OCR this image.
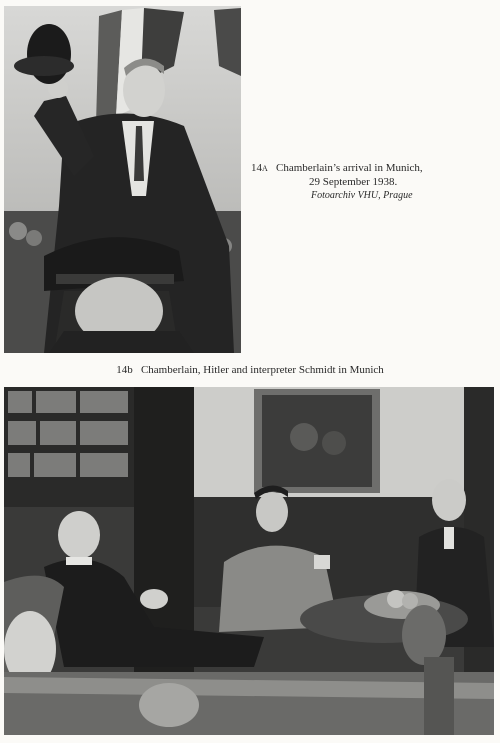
14a Chamberlain’s arrival in Munich,
29 September 1938.
Fotoarchiv VHU, Prague
14b Chamberlain, Hitler and interpreter Schmidt in Munich
